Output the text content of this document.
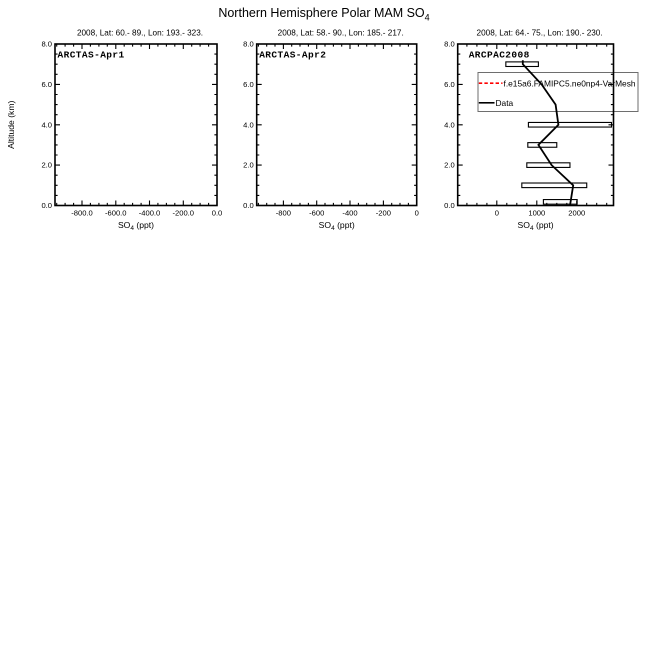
Northern Hemisphere Polar MAM $SO_4$
2008, Lat: 60.- 89., Lon: 193.- 323.
-800.0 -600.0 -400.0 -200.0 0.0
0.0
2.0
4.0
6.0
8.0
$SO_4$ (ppt)
ARCTAS-Apr1
2008, Lat: 58.- 90., Lon: 185.- 217.
-800 -600 -400 -200	0
0.0
2.0
4.0
6.0
8.0
$SO_4$ (ppt)
ARCTAS-Apr2
2008, Lat: 64.- 75., Lon: 190.- 230.
f.e15a6.FAMIPC5.ne0np4-VarMesh
Data
0	1000	2000
0.0
2.0
4.0
6.0
8.0
$SO_4$ (ppt)
ARCPAC2008
Altitude (km)
